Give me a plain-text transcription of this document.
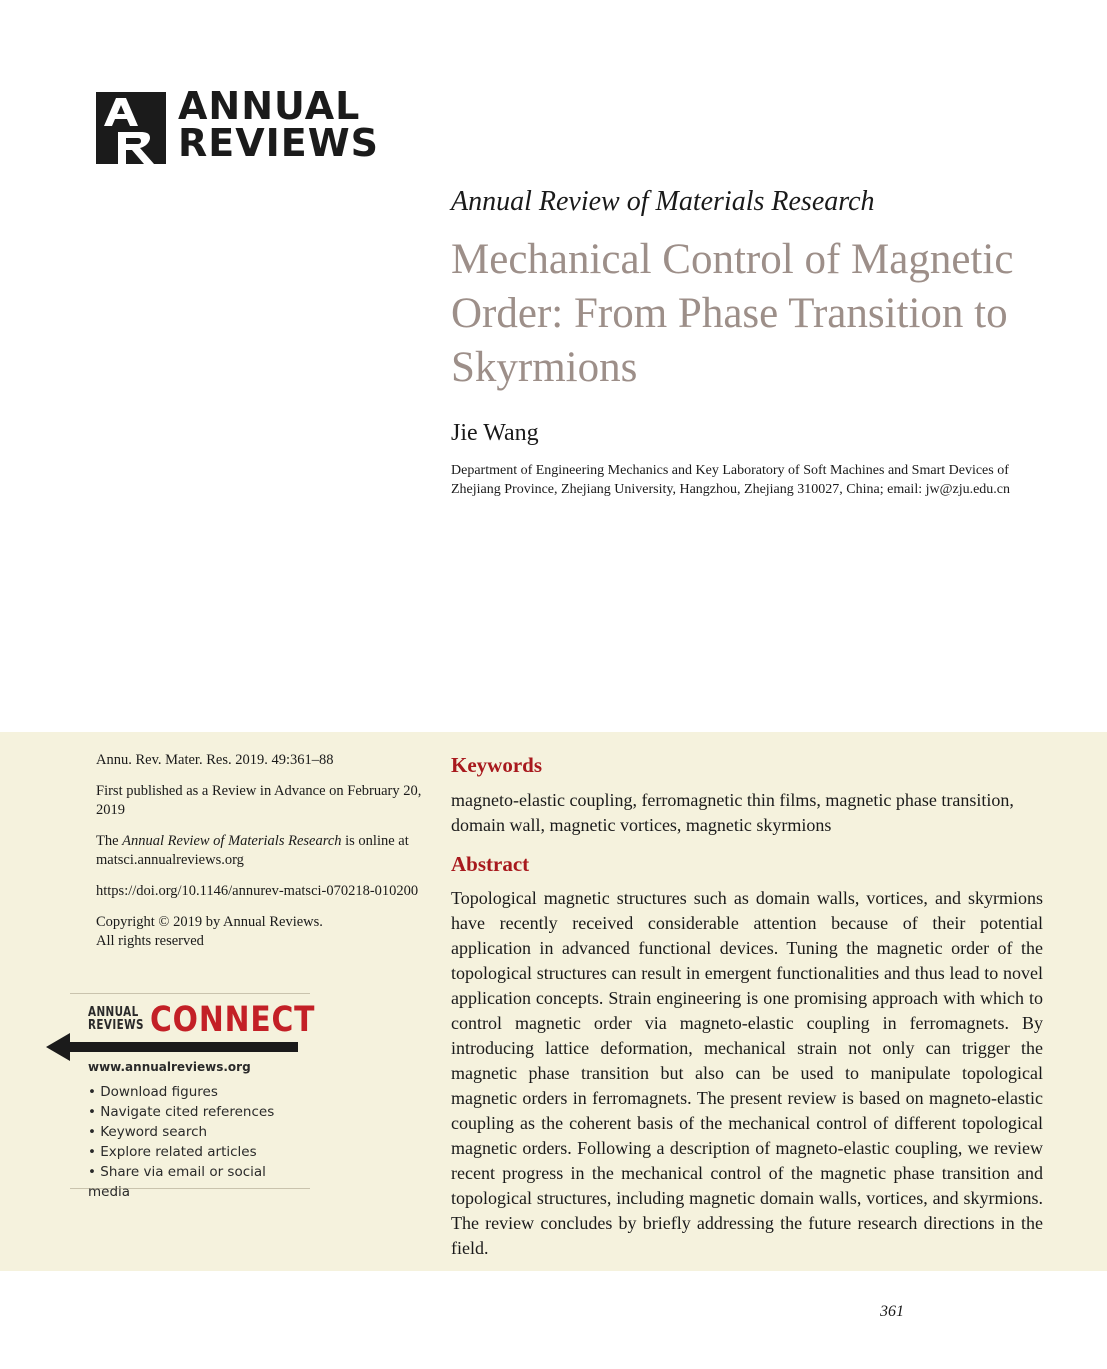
ANNUAL
REVIEWS
Annual Review of Materials Research
Mechanical Control of Magnetic Order: From Phase Transition to Skyrmions
Jie Wang
Department of Engineering Mechanics and Key Laboratory of Soft Machines and Smart Devices of Zhejiang Province, Zhejiang University, Hangzhou, Zhejiang 310027, China; email: jw@zju.edu.cn

Annu. Rev. Mater. Res. 2019. 49:361–88

First published as a Review in Advance on February 20, 2019

The Annual Review of Materials Research is online at matsci.annualreviews.org

https://doi.org/10.1146/annurev-matsci-070218-010200

Copyright © 2019 by Annual Reviews.
All rights reserved

ANNUAL
REVIEWS CONNECT
www.annualreviews.org
• Download figures
• Navigate cited references
• Keyword search
• Explore related articles
• Share via email or social media
Keywords
magneto-elastic coupling, ferromagnetic thin films, magnetic phase transition, domain wall, magnetic vortices, magnetic skyrmions
Abstract
Topological magnetic structures such as domain walls, vortices, and skyrmions have recently received considerable attention because of their potential application in advanced functional devices. Tuning the magnetic order of the topological structures can result in emergent functionalities and thus lead to novel application concepts. Strain engineering is one promising approach with which to control magnetic order via magneto-elastic coupling in ferromagnets. By introducing lattice deformation, mechanical strain not only can trigger the magnetic phase transition but also can be used to manipulate topological magnetic orders in ferromagnets. The present review is based on magneto-elastic coupling as the coherent basis of the mechanical control of different topological magnetic orders. Following a description of magneto-elastic coupling, we review recent progress in the mechanical control of the magnetic phase transition and topological structures, including magnetic domain walls, vortices, and skyrmions. The review concludes by briefly addressing the future research directions in the field.
361
